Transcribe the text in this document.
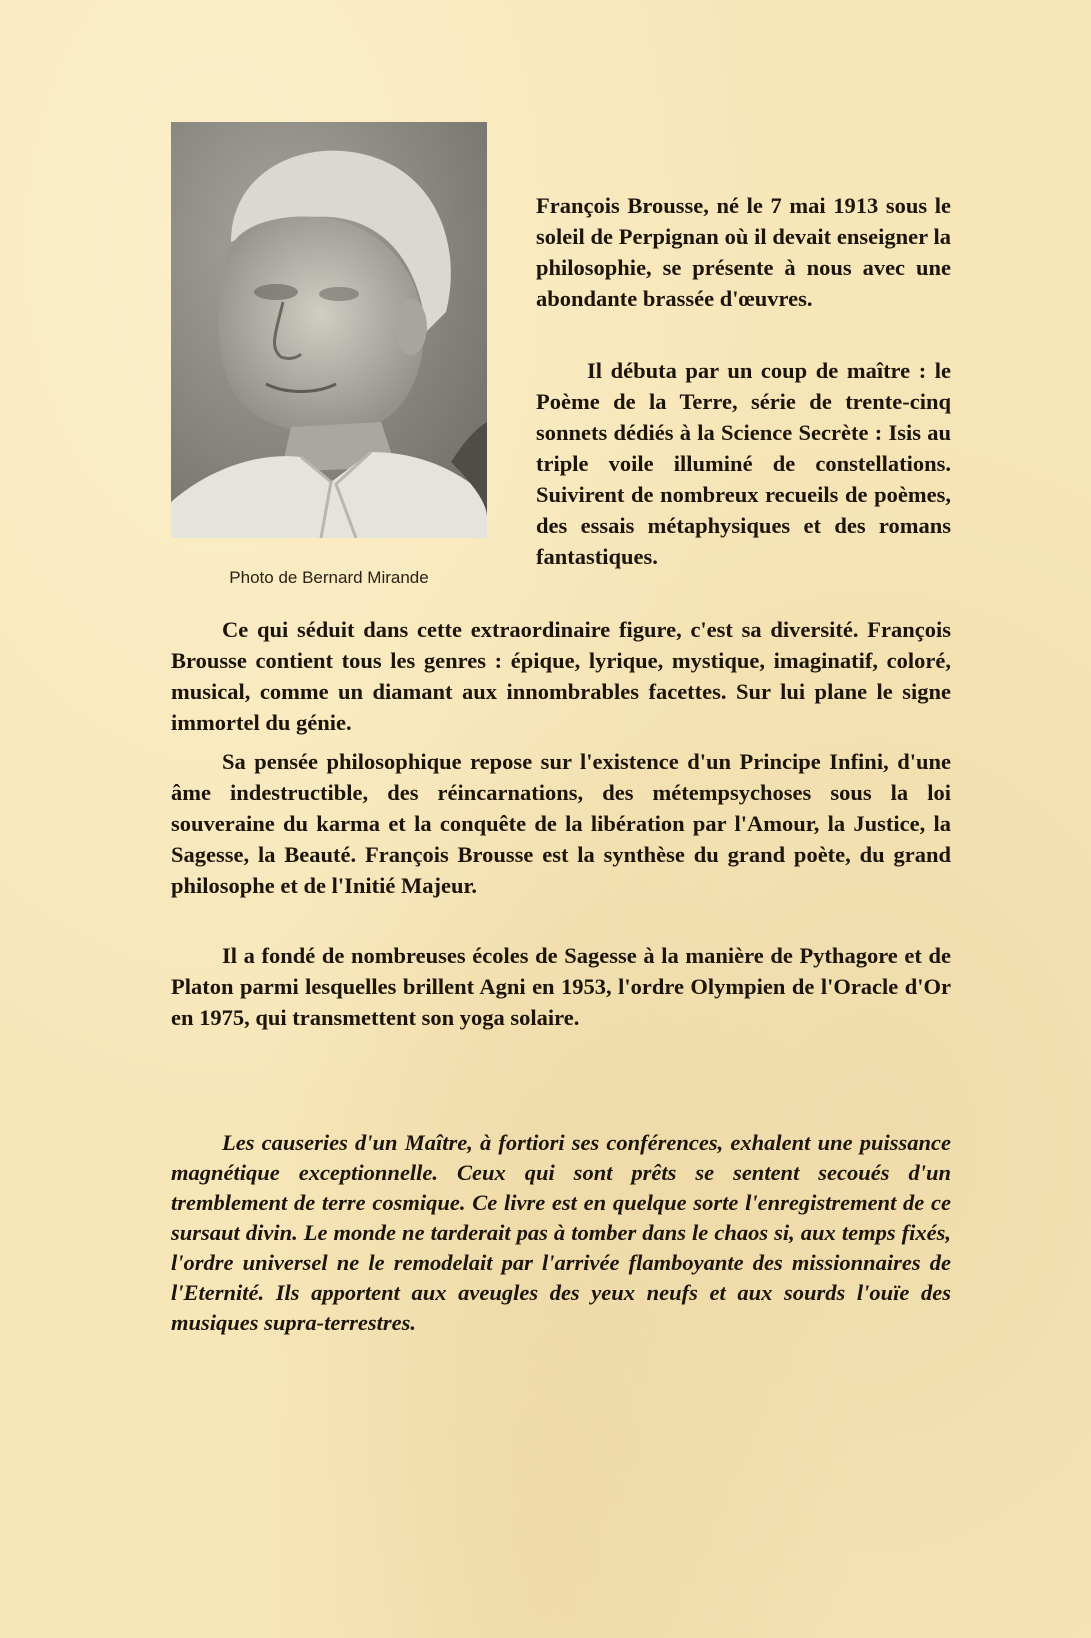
Photo de Bernard Mirande

François Brousse, né le 7 mai 1913 sous le soleil de Perpignan où il devait enseigner la philosophie, se présente à nous avec une abondante brassée d'œuvres.

Il débuta par un coup de maître : le Poème de la Terre, série de trente-cinq sonnets dédiés à la Science Secrète : Isis au triple voile illuminé de constellations. Suivirent de nombreux recueils de poèmes, des essais métaphysiques et des romans fantastiques.

Ce qui séduit dans cette extraordinaire figure, c'est sa diversité. François Brousse contient tous les genres : épique, lyrique, mystique, imaginatif, coloré, musical, comme un diamant aux innombrables facettes. Sur lui plane le signe immortel du génie.

Sa pensée philosophique repose sur l'existence d'un Principe Infini, d'une âme indestructible, des réincarnations, des métempsychoses sous la loi souveraine du karma et la conquête de la libération par l'Amour, la Justice, la Sagesse, la Beauté. François Brousse est la synthèse du grand poète, du grand philosophe et de l'Initié Majeur.

Il a fondé de nombreuses écoles de Sagesse à la manière de Pythagore et de Platon parmi lesquelles brillent Agni en 1953, l'ordre Olympien de l'Oracle d'Or en 1975, qui transmettent son yoga solaire.

Les causeries d'un Maître, à fortiori ses conférences, exhalent une puissance magnétique exceptionnelle. Ceux qui sont prêts se sentent secoués d'un tremblement de terre cosmique. Ce livre est en quelque sorte l'enregistrement de ce sursaut divin. Le monde ne tarderait pas à tomber dans le chaos si, aux temps fixés, l'ordre universel ne le remodelait par l'arrivée flamboyante des missionnaires de l'Eternité. Ils apportent aux aveugles des yeux neufs et aux sourds l'ouïe des musiques supra-terrestres.
